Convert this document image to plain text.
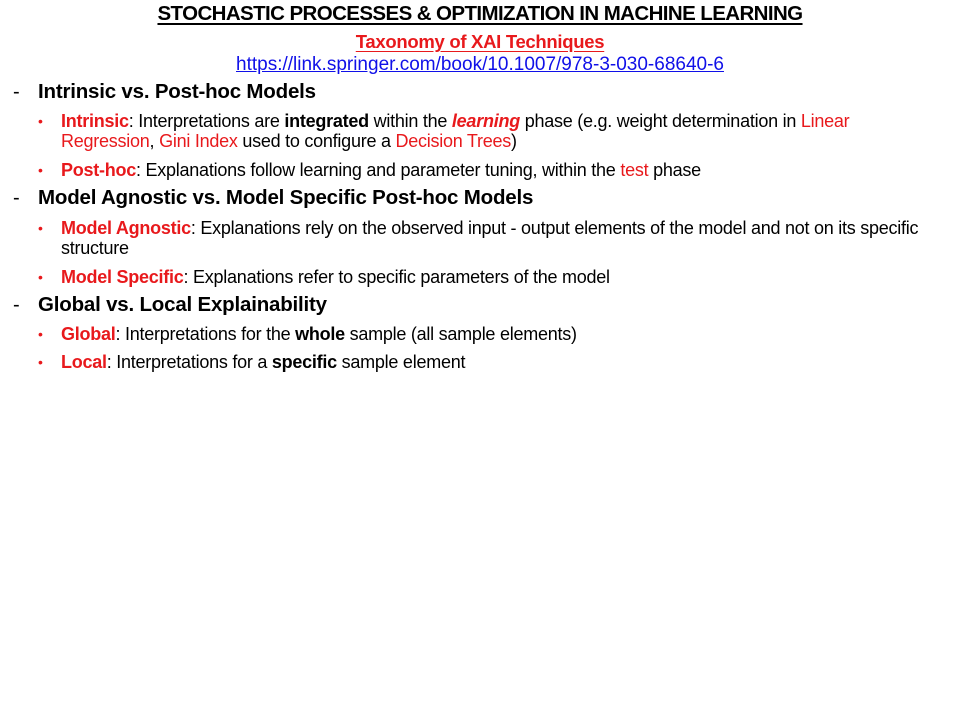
STOCHASTIC PROCESSES & OPTIMIZATION IN MACHINE LEARNING
Taxonomy of XAI Techniques
https://link.springer.com/book/10.1007/978-3-030-68640-6
- Intrinsic vs. Post-hoc Models
• Intrinsic: Interpretations are integrated within the learning phase (e.g. weight determination in Linear Regression, Gini Index used to configure a Decision Trees)
• Post-hoc: Explanations follow learning and parameter tuning, within the test phase
- Model Agnostic vs. Model Specific Post-hoc Models
• Model Agnostic: Explanations rely on the observed input - output elements of the model and not on its specific structure
• Model Specific: Explanations refer to specific parameters of the model
- Global vs. Local Explainability
• Global: Interpretations for the whole sample (all sample elements)
• Local: Interpretations for a specific sample element
